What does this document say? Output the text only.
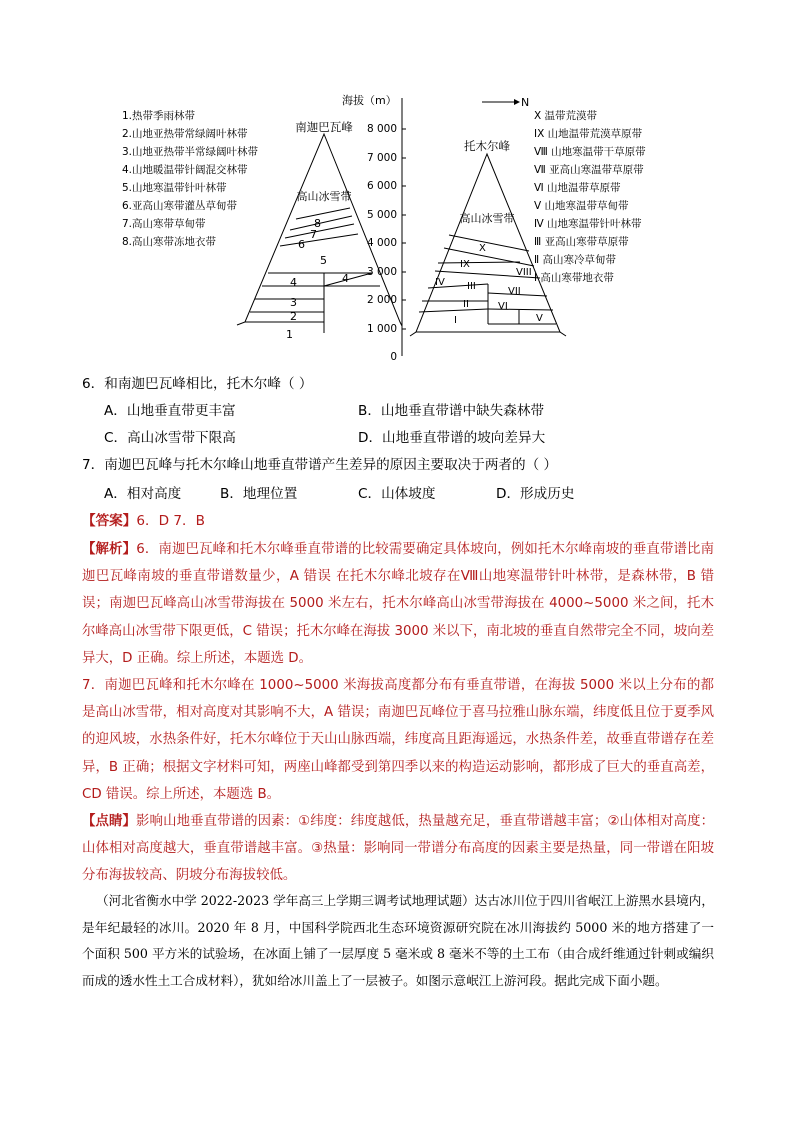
1.热带季雨林带
2.山地亚热带常绿阔叶林带
3.山地亚热带半常绿阔叶林带
4.山地暖温带针阔混交林带
5.山地寒温带针叶林带
6.亚高山寒带灌丛草甸带
7.高山寒带草甸带
8.高山寒带冻地衣带
南迦巴瓦峰
高山冰雪带
1
2
3
4	4
5
6
7
8
海拔（m）
8 000
7 000
6 000
5 000
4 000
3 000
2 000
1 000
0
N
托木尔峰
高山冰雪带
X
IX
VIII
IV III	VII
II	VI
I	V
X 温带荒漠带
IX 山地温带荒漠草原带
Ⅷ 山地寒温带干草原带
Ⅶ 亚高山寒温带草原带
Ⅵ 山地温带草原带
Ⅴ 山地寒温带草甸带
Ⅳ 山地寒温带针叶林带
Ⅲ 亚高山寒带草原带
Ⅱ 高山寒冷草甸带
Ⅰ 高山寒带地衣带
6．和南迦巴瓦峰相比，托木尔峰（ ）
A．山地垂直带更丰富	B．山地垂直带谱中缺失森林带
C．高山冰雪带下限高	D．山地垂直带谱的坡向差异大
7．南迦巴瓦峰与托木尔峰山地垂直带谱产生差异的原因主要取决于两者的（ ）
A．相对高度	B．地理位置	C．山体坡度	D．形成历史
【答案】6．D 7．B
【解析】6．南迦巴瓦峰和托木尔峰垂直带谱的比较需要确定具体坡向，例如托木尔峰南坡的垂直带谱比南迦巴瓦峰南坡的垂直带谱数量少，A 错误 在托木尔峰北坡存在Ⅷ山地寒温带针叶林带，是森林带，B 错误；南迦巴瓦峰高山冰雪带海拔在 5000 米左右，托木尔峰高山冰雪带海拔在 4000~5000 米之间，托木尔峰高山冰雪带下限更低，C 错误；托木尔峰在海拔 3000 米以下，南北坡的垂直自然带完全不同，坡向差异大，D 正确。综上所述，本题选 D。
7．南迦巴瓦峰和托木尔峰在 1000~5000 米海拔高度都分布有垂直带谱，在海拔 5000 米以上分布的都是高山冰雪带，相对高度对其影响不大，A 错误；南迦巴瓦峰位于喜马拉雅山脉东端，纬度低且位于夏季风的迎风坡，水热条件好，托木尔峰位于天山山脉西端，纬度高且距海遥远，水热条件差，故垂直带谱存在差异，B 正确；根据文字材料可知，两座山峰都受到第四季以来的构造运动影响，都形成了巨大的垂直高差，CD 错误。综上所述，本题选 B。
【点睛】影响山地垂直带谱的因素：①纬度：纬度越低，热量越充足，垂直带谱越丰富；②山体相对高度：山体相对高度越大，垂直带谱越丰富。③热量：影响同一带谱分布高度的因素主要是热量，同一带谱在阳坡分布海拔较高、阴坡分布海拔较低。
（河北省衡水中学 2022-2023 学年高三上学期三调考试地理试题）达古冰川位于四川省岷江上游黑水县境内，是年纪最轻的冰川。2020 年 8 月，中国科学院西北生态环境资源研究院在冰川海拔约 5000 米的地方搭建了一个面积 500 平方米的试验场，在冰面上铺了一层厚度 5 毫米或 8 毫米不等的土工布（由合成纤维通过针刺或编织而成的透水性土工合成材料），犹如给冰川盖上了一层被子。如图示意岷江上游河段。据此完成下面小题。
